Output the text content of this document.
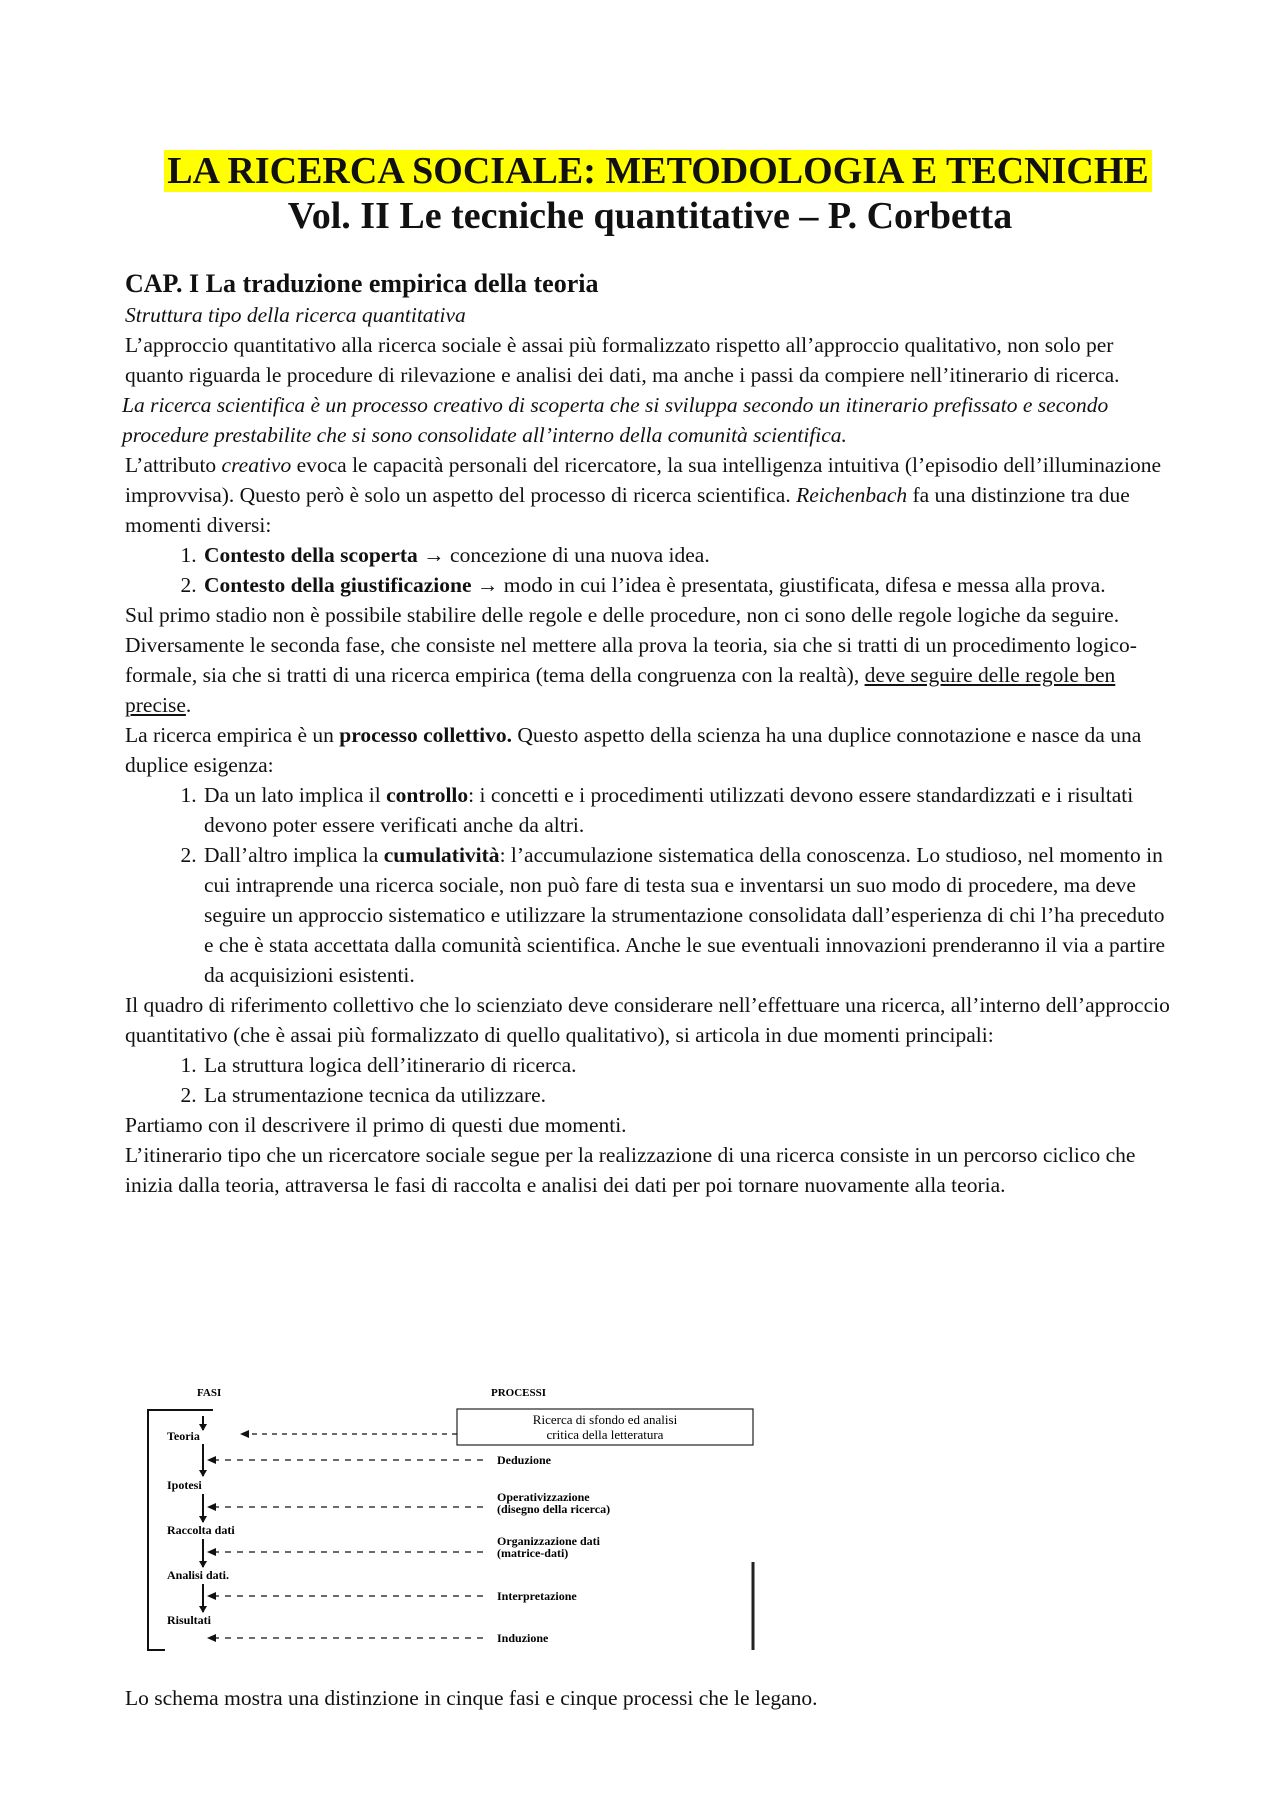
LA RICERCA SOCIALE: METODOLOGIA E TECNICHE
Vol. II Le tecniche quantitative – P. Corbetta
CAP. I La traduzione empirica della teoria

Struttura tipo della ricerca quantitativa

L’approccio quantitativo alla ricerca sociale è assai più formalizzato rispetto all’approccio qualitativo, non solo per quanto riguarda le procedure di rilevazione e analisi dei dati, ma anche i passi da compiere nell’itinerario di ricerca.

La ricerca scientifica è un processo creativo di scoperta che si sviluppa secondo un itinerario prefissato e secondo procedure prestabilite che si sono consolidate all’interno della comunità scientifica.

L’attributo creativo evoca le capacità personali del ricercatore, la sua intelligenza intuitiva (l’episodio dell’illuminazione improvvisa). Questo però è solo un aspetto del processo di ricerca scientifica. Reichenbach fa una distinzione tra due momenti diversi:

1. Contesto della scoperta → concezione di una nuova idea.
2. Contesto della giustificazione → modo in cui l’idea è presentata, giustificata, difesa e messa alla prova.

Sul primo stadio non è possibile stabilire delle regole e delle procedure, non ci sono delle regole logiche da seguire. Diversamente le seconda fase, che consiste nel mettere alla prova la teoria, sia che si tratti di un procedimento logico-formale, sia che si tratti di una ricerca empirica (tema della congruenza con la realtà), deve seguire delle regole ben precise.

La ricerca empirica è un processo collettivo. Questo aspetto della scienza ha una duplice connotazione e nasce da una duplice esigenza:

1. Da un lato implica il controllo: i concetti e i procedimenti utilizzati devono essere standardizzati e i risultati devono poter essere verificati anche da altri.
2. Dall’altro implica la cumulatività: l’accumulazione sistematica della conoscenza. Lo studioso, nel momento in cui intraprende una ricerca sociale, non può fare di testa sua e inventarsi un suo modo di procedere, ma deve seguire un approccio sistematico e utilizzare la strumentazione consolidata dall’esperienza di chi l’ha preceduto e che è stata accettata dalla comunità scientifica. Anche le sue eventuali innovazioni prenderanno il via a partire da acquisizioni esistenti.

Il quadro di riferimento collettivo che lo scienziato deve considerare nell’effettuare una ricerca, all’interno dell’approccio quantitativo (che è assai più formalizzato di quello qualitativo), si articola in due momenti principali:

1. La struttura logica dell’itinerario di ricerca.
2. La strumentazione tecnica da utilizzare.

Partiamo con il descrivere il primo di questi due momenti.

L’itinerario tipo che un ricercatore sociale segue per la realizzazione di una ricerca consiste in un percorso ciclico che inizia dalla teoria, attraversa le fasi di raccolta e analisi dei dati per poi tornare nuovamente alla teoria.

FASI	PROCESSI
Ricerca di sfondo ed analisi
critica della letteratura
Teoria
Ipotesi
Raccolta dati
Analisi dati.
Risultati
Deduzione
Operativizzazione
(disegno della ricerca)
Organizzazione dati
(matrice-dati)
Interpretazione
Induzione
Lo schema mostra una distinzione in cinque fasi e cinque processi che le legano.
